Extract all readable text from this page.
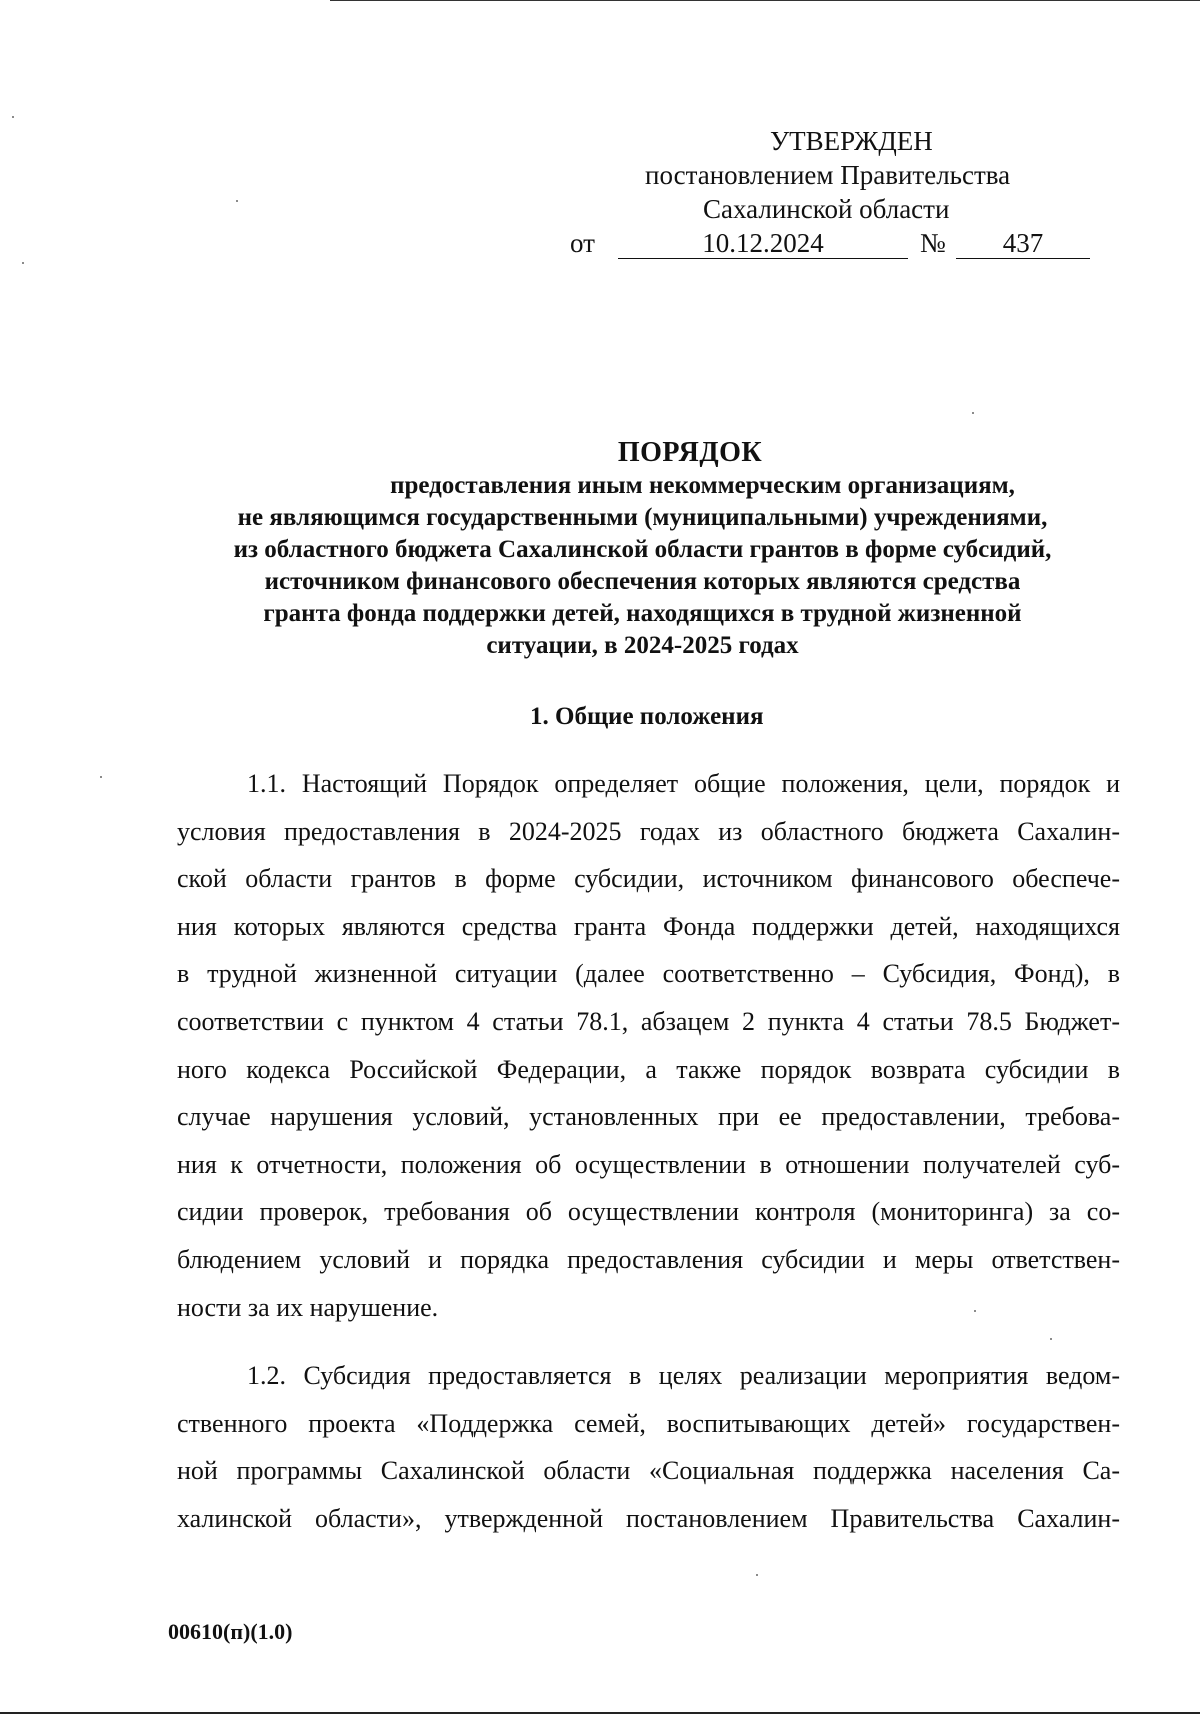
УТВЕРЖДЕН
постановлением Правительства
Сахалинской области
от	10.12.2024	№	437
ПОРЯДОК
предоставления иным некоммерческим организациям,
не являющимся государственными (муниципальными) учреждениями,
из областного бюджета Сахалинской области грантов в форме субсидий,
источником финансового обеспечения которых являются средства
гранта фонда поддержки детей, находящихся в трудной жизненной
ситуации, в 2024-2025 годах
1. Общие положения
1.1. Настоящий Порядок определяет общие положения, цели, порядок и
условия предоставления в 2024-2025 годах из областного бюджета Сахалин-
ской области грантов в форме субсидии, источником финансового обеспече-
ния которых являются средства гранта Фонда поддержки детей, находящихся
в трудной жизненной ситуации (далее соответственно – Субсидия, Фонд), в
соответствии с пунктом 4 статьи 78.1, абзацем 2 пункта 4 статьи 78.5 Бюджет-
ного кодекса Российской Федерации, а также порядок возврата субсидии в
случае нарушения условий, установленных при ее предоставлении, требова-
ния к отчетности, положения об осуществлении в отношении получателей суб-
сидии проверок, требования об осуществлении контроля (мониторинга) за со-
блюдением условий и порядка предоставления субсидии и меры ответствен-
ности за их нарушение.
1.2. Субсидия предоставляется в целях реализации мероприятия ведом-
ственного проекта «Поддержка семей, воспитывающих детей» государствен-
ной программы Сахалинской области «Социальная поддержка населения Са-
халинской области», утвержденной постановлением Правительства Сахалин-
00610(п)(1.0)
